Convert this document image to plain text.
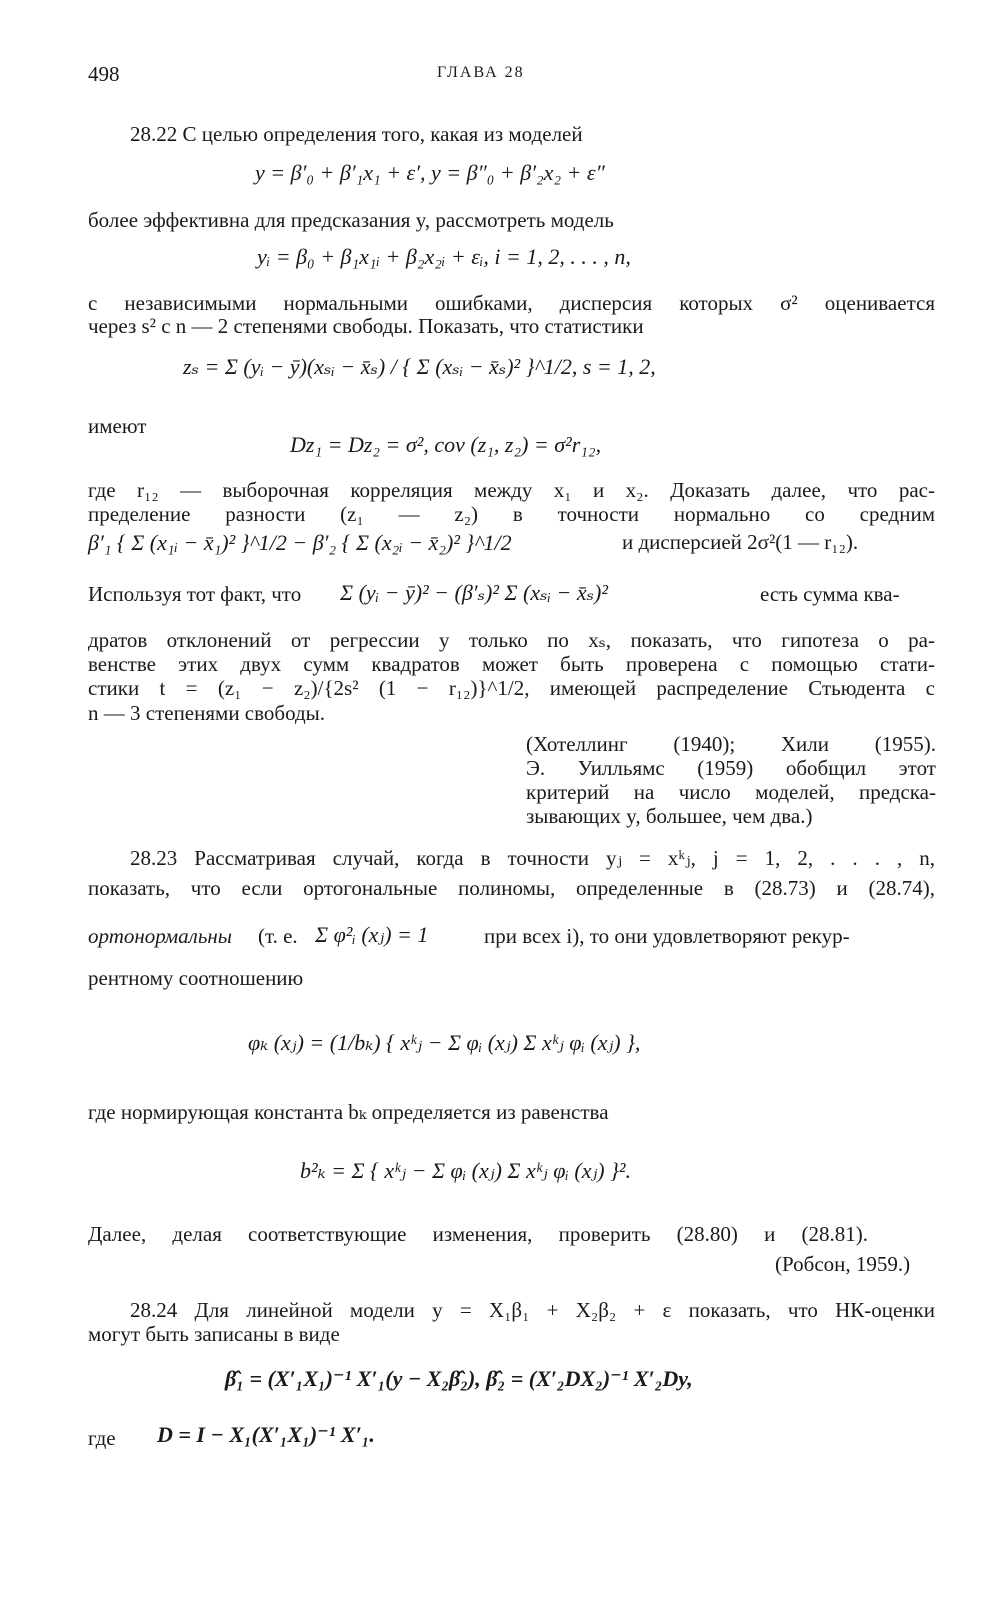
498	ГЛАВА 28
28.22 С целью определения того, какая из моделей
y = β′₀ + β′₁x₁ + ε′, y = β″₀ + β′₂x₂ + ε″
более эффективна для предсказания y, рассмотреть модель
yᵢ = β₀ + β₁x₁ᵢ + β₂x₂ᵢ + εᵢ, i = 1, 2, . . . , n,
с независимыми нормальными ошибками, дисперсия которых σ² оценивается
через s² с n — 2 степенями свободы. Показать, что статистики
zₛ = Σ (yᵢ − ȳ)(xₛᵢ − x̄ₛ) / { Σ (xₛᵢ − x̄ₛ)² }^1/2, s = 1, 2,
имеют
Dz₁ = Dz₂ = σ², cov (z₁, z₂) = σ²r₁₂,
где r₁₂ — выборочная корреляция между x₁ и x₂. Доказать далее, что рас-
пределение разности (z₁ — z₂) в точности нормально со средним
β′₁ { Σ (x₁ᵢ − x̄₁)² }^1/2 − β′₂ { Σ (x₂ᵢ − x̄₂)² }^1/2	и дисперсией 2σ²(1 — r₁₂).
Используя тот факт, что Σ (yᵢ − ȳ)² − (β′ₛ)² Σ (xₛᵢ − x̄ₛ)²	есть сумма ква-
дратов отклонений от регрессии y только по xₛ, показать, что гипотеза о ра-
венстве этих двух сумм квадратов может быть проверена с помощью стати-
стики t = (z₁ − z₂)/{2s² (1 − r₁₂)}^1/2, имеющей распределение Стьюдента с
n — 3 степенями свободы.
(Хотеллинг (1940); Хили (1955).
Э. Уилльямс (1959) обобщил этот
критерий на число моделей, предска-
зывающих y, большее, чем два.)
28.23 Рассматривая случай, когда в точности yⱼ = xᵏⱼ, j = 1, 2, . . . , n,
показать, что если ортогональные полиномы, определенные в (28.73) и (28.74),
ортонормальны (т. е. Σ φ²ᵢ (xⱼ) = 1	при всех i), то они удовлетворяют рекур-
рентному соотношению
φₖ (xⱼ) = (1/bₖ) { xᵏⱼ − Σ φᵢ (xⱼ) Σ xᵏⱼ φᵢ (xⱼ) },
где нормирующая константа bₖ определяется из равенства
b²ₖ = Σ { xᵏⱼ − Σ φᵢ (xⱼ) Σ xᵏⱼ φᵢ (xⱼ) }².
Далее, делая соответствующие изменения, проверить (28.80) и (28.81).
(Робсон, 1959.)
28.24 Для линейной модели y = X₁β₁ + X₂β₂ + ε показать, что НК-оценки
могут быть записаны в виде
β̂₁ = (X′₁X₁)⁻¹ X′₁(y − X₂β̂₂), β̂₂ = (X′₂DX₂)⁻¹ X′₂Dy,
где D = I − X₁(X′₁X₁)⁻¹ X′₁.
